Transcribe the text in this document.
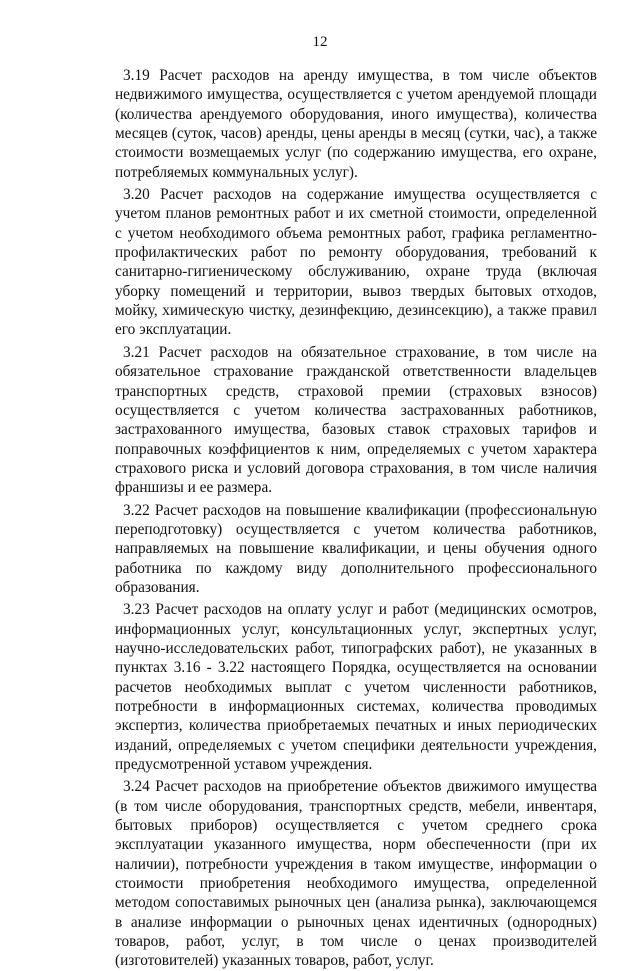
12

3.19 Расчет расходов на аренду имущества, в том числе объектов недвижимого имущества, осуществляется с учетом арендуемой площади (количества арендуемого оборудования, иного имущества), количества месяцев (суток, часов) аренды, цены аренды в месяц (сутки, час), а также стоимости возмещаемых услуг (по содержанию имущества, его охране, потребляемых коммунальных услуг).

3.20 Расчет расходов на содержание имущества осуществляется с учетом планов ремонтных работ и их сметной стоимости, определенной с учетом необходимого объема ремонтных работ, графика регламентно-профилактических работ по ремонту оборудования, требований к санитарно-гигиеническому обслуживанию, охране труда (включая уборку помещений и территории, вывоз твердых бытовых отходов, мойку, химическую чистку, дезинфекцию, дезинсекцию), а также правил его эксплуатации.

3.21 Расчет расходов на обязательное страхование, в том числе на обязательное страхование гражданской ответственности владельцев транспортных средств, страховой премии (страховых взносов) осуществляется с учетом количества застрахованных работников, застрахованного имущества, базовых ставок страховых тарифов и поправочных коэффициентов к ним, определяемых с учетом характера страхового риска и условий договора страхования, в том числе наличия франшизы и ее размера.

3.22 Расчет расходов на повышение квалификации (профессиональную переподготовку) осуществляется с учетом количества работников, направляемых на повышение квалификации, и цены обучения одного работника по каждому виду дополнительного профессионального образования.

3.23 Расчет расходов на оплату услуг и работ (медицинских осмотров, информационных услуг, консультационных услуг, экспертных услуг, научно-исследовательских работ, типографских работ), не указанных в пунктах 3.16 - 3.22 настоящего Порядка, осуществляется на основании расчетов необходимых выплат с учетом численности работников, потребности в информационных системах, количества проводимых экспертиз, количества приобретаемых печатных и иных периодических изданий, определяемых с учетом специфики деятельности учреждения, предусмотренной уставом учреждения.

3.24 Расчет расходов на приобретение объектов движимого имущества (в том числе оборудования, транспортных средств, мебели, инвентаря, бытовых приборов) осуществляется с учетом среднего срока эксплуатации указанного имущества, норм обеспеченности (при их наличии), потребности учреждения в таком имуществе, информации о стоимости приобретения необходимого имущества, определенной методом сопоставимых рыночных цен (анализа рынка), заключающемся в анализе информации о рыночных ценах идентичных (однородных) товаров, работ, услуг, в том числе о ценах производителей (изготовителей) указанных товаров, работ, услуг.
